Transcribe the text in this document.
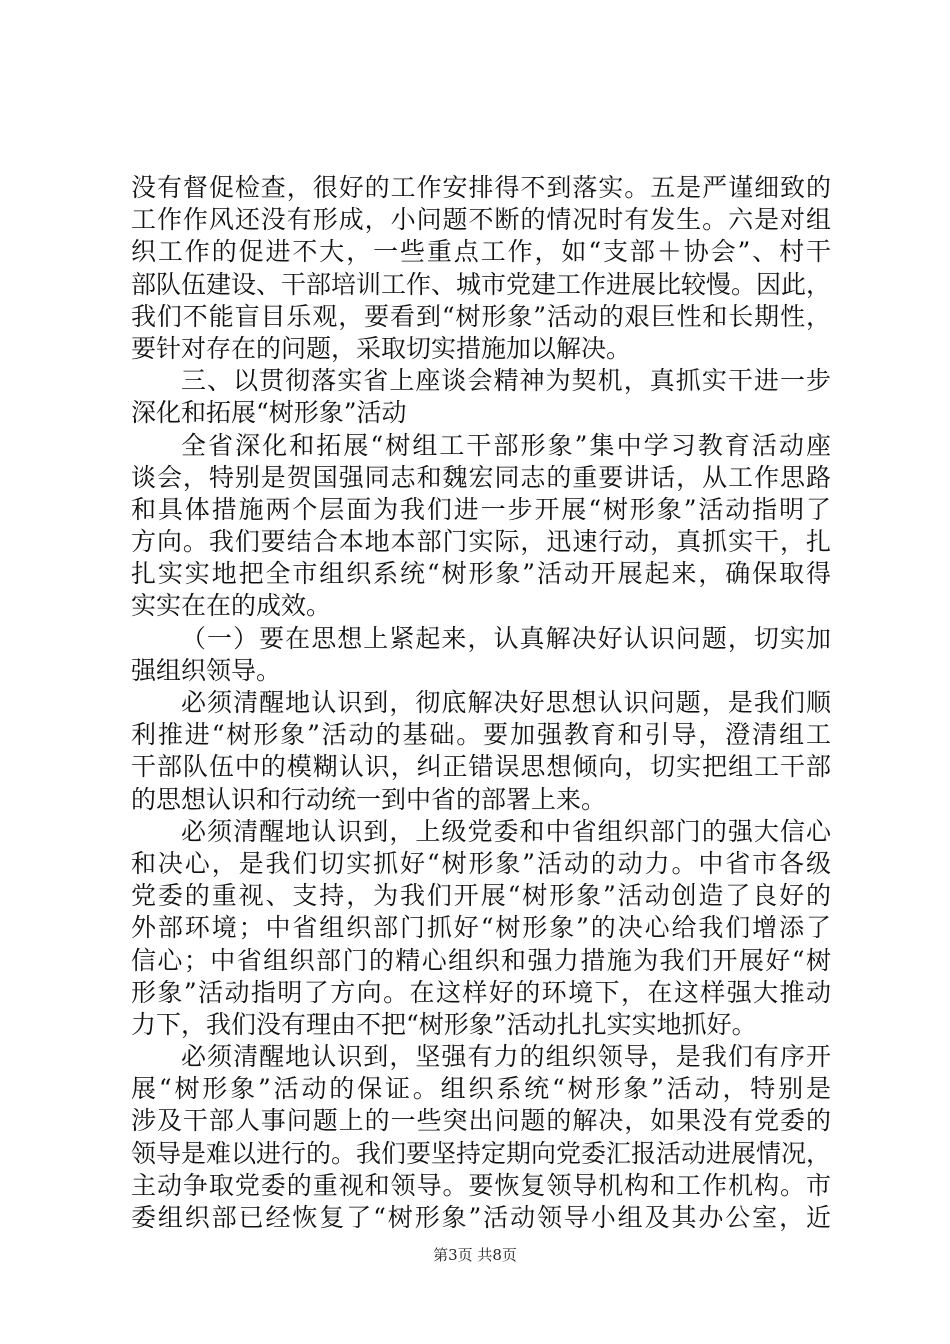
没有督促检查，很好的工作安排得不到落实。五是严谨细致的
工作作风还没有形成，小问题不断的情况时有发生。六是对组
织工作的促进不大，一些重点工作，如“支部＋协会”、村干
部队伍建设、干部培训工作、城市党建工作进展比较慢。因此，
我们不能盲目乐观，要看到“树形象”活动的艰巨性和长期性，
要针对存在的问题，采取切实措施加以解决。
三、以贯彻落实省上座谈会精神为契机，真抓实干进一步
深化和拓展“树形象”活动
全省深化和拓展“树组工干部形象”集中学习教育活动座
谈会，特别是贺国强同志和魏宏同志的重要讲话，从工作思路
和具体措施两个层面为我们进一步开展“树形象”活动指明了
方向。我们要结合本地本部门实际，迅速行动，真抓实干，扎
扎实实地把全市组织系统“树形象”活动开展起来，确保取得
实实在在的成效。
（一）要在思想上紧起来，认真解决好认识问题，切实加
强组织领导。
必须清醒地认识到，彻底解决好思想认识问题，是我们顺
利推进“树形象”活动的基础。要加强教育和引导，澄清组工
干部队伍中的模糊认识，纠正错误思想倾向，切实把组工干部
的思想认识和行动统一到中省的部署上来。
必须清醒地认识到，上级党委和中省组织部门的强大信心
和决心，是我们切实抓好“树形象”活动的动力。中省市各级
党委的重视、支持，为我们开展“树形象”活动创造了良好的
外部环境；中省组织部门抓好“树形象”的决心给我们增添了
信心；中省组织部门的精心组织和强力措施为我们开展好“树
形象”活动指明了方向。在这样好的环境下，在这样强大推动
力下，我们没有理由不把“树形象”活动扎扎实实地抓好。
必须清醒地认识到，坚强有力的组织领导，是我们有序开
展“树形象”活动的保证。组织系统“树形象”活动，特别是
涉及干部人事问题上的一些突出问题的解决，如果没有党委的
领导是难以进行的。我们要坚持定期向党委汇报活动进展情况，
主动争取党委的重视和领导。要恢复领导机构和工作机构。市
委组织部已经恢复了“树形象”活动领导小组及其办公室，近
第3页 共8页
